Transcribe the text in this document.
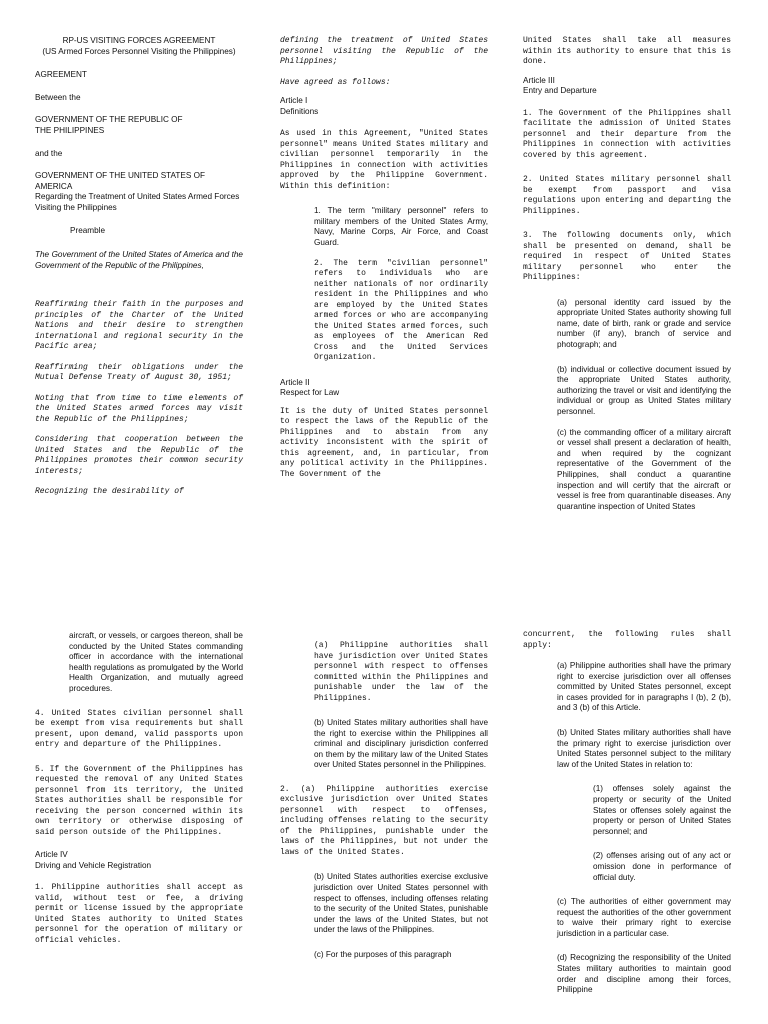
RP-US VISITING FORCES AGREEMENT
(US Armed Forces Personnel Visiting the Philippines)

AGREEMENT

Between the

GOVERNMENT OF THE REPUBLIC OF THE PHILIPPINES

and the

GOVERNMENT OF THE UNITED STATES OF AMERICA

Regarding the Treatment of United States Armed Forces Visiting the Philippines

Preamble

The Government of the United States of America and the Government of the Republic of the Philippines,

Reaffirming their faith in the purposes and principles of the Charter of the United Nations and their desire to strengthen international and regional security in the Pacific area;

Reaffirming their obligations under the Mutual Defense Treaty of August 30, 1951;

Noting that from time to time elements of the United States armed forces may visit the Republic of the Philippines;

Considering that cooperation between the United States and the Republic of the Philippines promotes their common security interests;

Recognizing the desirability of

defining the treatment of United States personnel visiting the Republic of the Philippines;

Have agreed as follows:

Article I

Definitions

As used in this Agreement, "United States personnel" means United States military and civilian personnel temporarily in the Philippines in connection with activities approved by the Philippine Government. Within this definition:

1. The term "military personnel" refers to military members of the United States Army, Navy, Marine Corps, Air Force, and Coast Guard.

2. The term "civilian personnel" refers to individuals who are neither nationals of nor ordinarily resident in the Philippines and who are employed by the United States armed forces or who are accompanying the United States armed forces, such as employees of the American Red Cross and the United Services Organization.

Article II

Respect for Law

It is the duty of United States personnel to respect the laws of the Republic of the Philippines and to abstain from any activity inconsistent with the spirit of this agreement, and, in particular, from any political activity in the Philippines. The Government of the

United States shall take all measures within its authority to ensure that this is done.

Article III

Entry and Departure

1. The Government of the Philippines shall facilitate the admission of United States personnel and their departure from the Philippines in connection with activities covered by this agreement.

2. United States military personnel shall be exempt from passport and visa regulations upon entering and departing the Philippines.

3. The following documents only, which shall be presented on demand, shall be required in respect of United States military personnel who enter the Philippines:

(a) personal identity card issued by the appropriate United States authority showing full name, date of birth, rank or grade and service number (if any), branch of service and photograph; and

(b) individual or collective document issued by the appropriate United States authority, authorizing the travel or visit and identifying the individual or group as United States military personnel.

(c) the commanding officer of a military aircraft or vessel shall present a declaration of health, and when required by the cognizant representative of the Government of the Philippines, shall conduct a quarantine inspection and will certify that the aircraft or vessel is free from quarantinable diseases. Any quarantine inspection of United States

aircraft, or vessels, or cargoes thereon, shall be conducted by the United States commanding officer in accordance with the international health regulations as promulgated by the World Health Organization, and mutually agreed procedures.

4. United States civilian personnel shall be exempt from visa requirements but shall present, upon demand, valid passports upon entry and departure of the Philippines.

5. If the Government of the Philippines has requested the removal of any United States personnel from its territory, the United States authorities shall be responsible for receiving the person concerned within its own territory or otherwise disposing of said person outside of the Philippines.

Article IV

Driving and Vehicle Registration

1. Philippine authorities shall accept as valid, without test or fee, a driving permit or license issued by the appropriate United States authority to United States personnel for the operation of military or official vehicles.

(a) Philippine authorities shall have jurisdiction over United States personnel with respect to offenses committed within the Philippines and punishable under the law of the Philippines.

(b) United States military authorities shall have the right to exercise within the Philippines all criminal and disciplinary jurisdiction conferred on them by the military law of the United States over United States personnel in the Philippines.

2. (a) Philippine authorities exercise exclusive jurisdiction over United States personnel with respect to offenses, including offenses relating to the security of the Philippines, punishable under the laws of the Philippines, but not under the laws of the United States.

(b) United States authorities exercise exclusive jurisdiction over United States personnel with respect to offenses, including offenses relating to the security of the United States, punishable under the laws of the United States, but not under the laws of the Philippines.

(c) For the purposes of this paragraph

concurrent, the following rules shall apply:

(a) Philippine authorities shall have the primary right to exercise jurisdiction over all offenses committed by United States personnel, except in cases provided for in paragraphs l (b), 2 (b), and 3 (b) of this Article.

(b) United States military authorities shall have the primary right to exercise jurisdiction over United States personnel subject to the military law of the United States in relation to:

(1) offenses solely against the property or security of the United States or offenses solely against the property or person of United States personnel; and

(2) offenses arising out of any act or omission done in performance of official duty.

(c) The authorities of either government may request the authorities of the other government to waive their primary right to exercise jurisdiction in a particular case.

(d) Recognizing the responsibility of the United States military authorities to maintain good order and discipline among their forces, Philippine
